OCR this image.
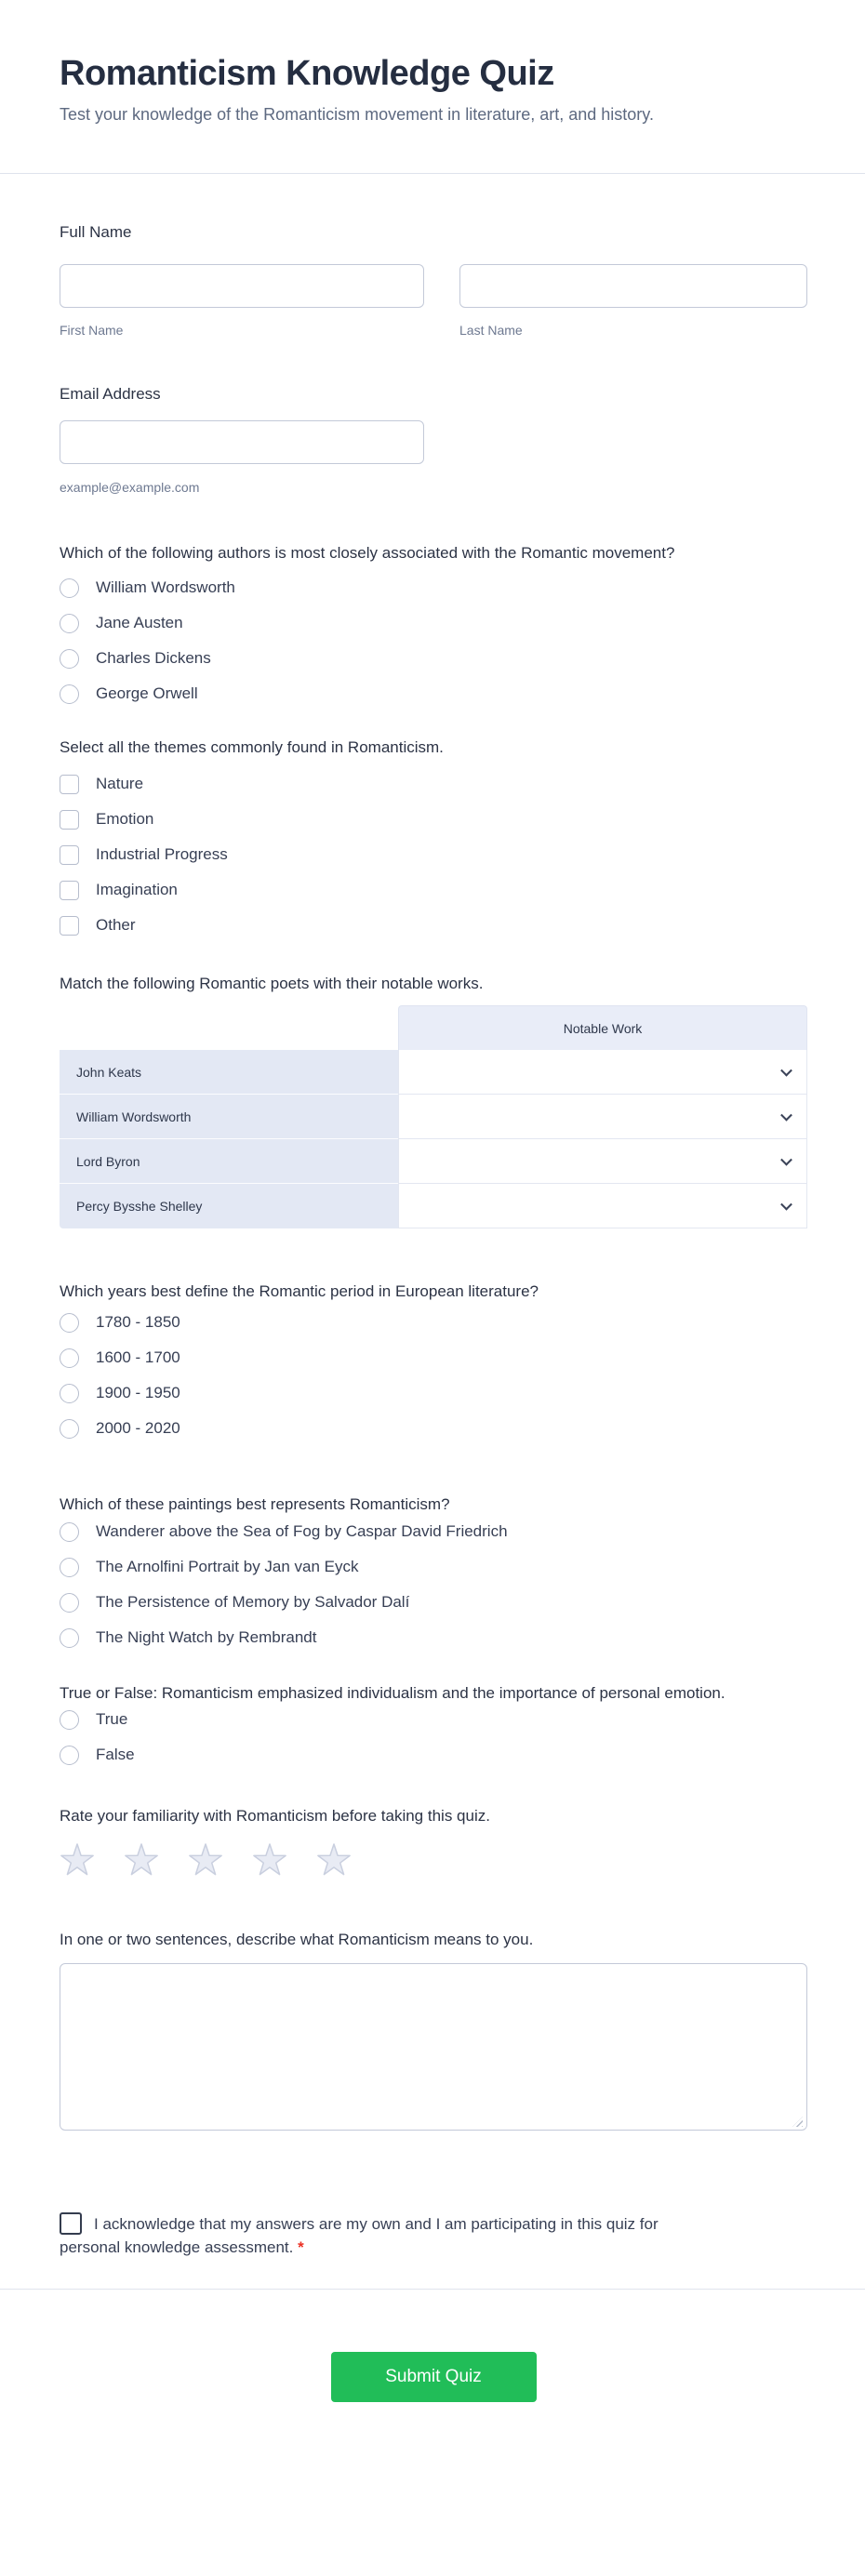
Romanticism Knowledge Quiz
Test your knowledge of the Romanticism movement in literature, art, and history.
Full Name
First Name	Last Name
Email Address
example@example.com
Which of the following authors is most closely associated with the Romantic movement?
William Wordsworth
Jane Austen
Charles Dickens
George Orwell
Select all the themes commonly found in Romanticism.
Nature
Emotion
Industrial Progress
Imagination
Other
Match the following Romantic poets with their notable works.
	Notable Work
John Keats	

William Wordsworth	

Lord Byron	

Percy Bysshe Shelley	
Which years best define the Romantic period in European literature?
1780 - 1850
1600 - 1700
1900 - 1950
2000 - 2020
Which of these paintings best represents Romanticism?
Wanderer above the Sea of Fog by Caspar David Friedrich
The Arnolfini Portrait by Jan van Eyck
The Persistence of Memory by Salvador Dalí
The Night Watch by Rembrandt
True or False: Romanticism emphasized individualism and the importance of personal emotion.
True
False
Rate your familiarity with Romanticism before taking this quiz.
In one or two sentences, describe what Romanticism means to you.
I acknowledge that my answers are my own and I am participating in this quiz for personal knowledge assessment. *
Submit Quiz
